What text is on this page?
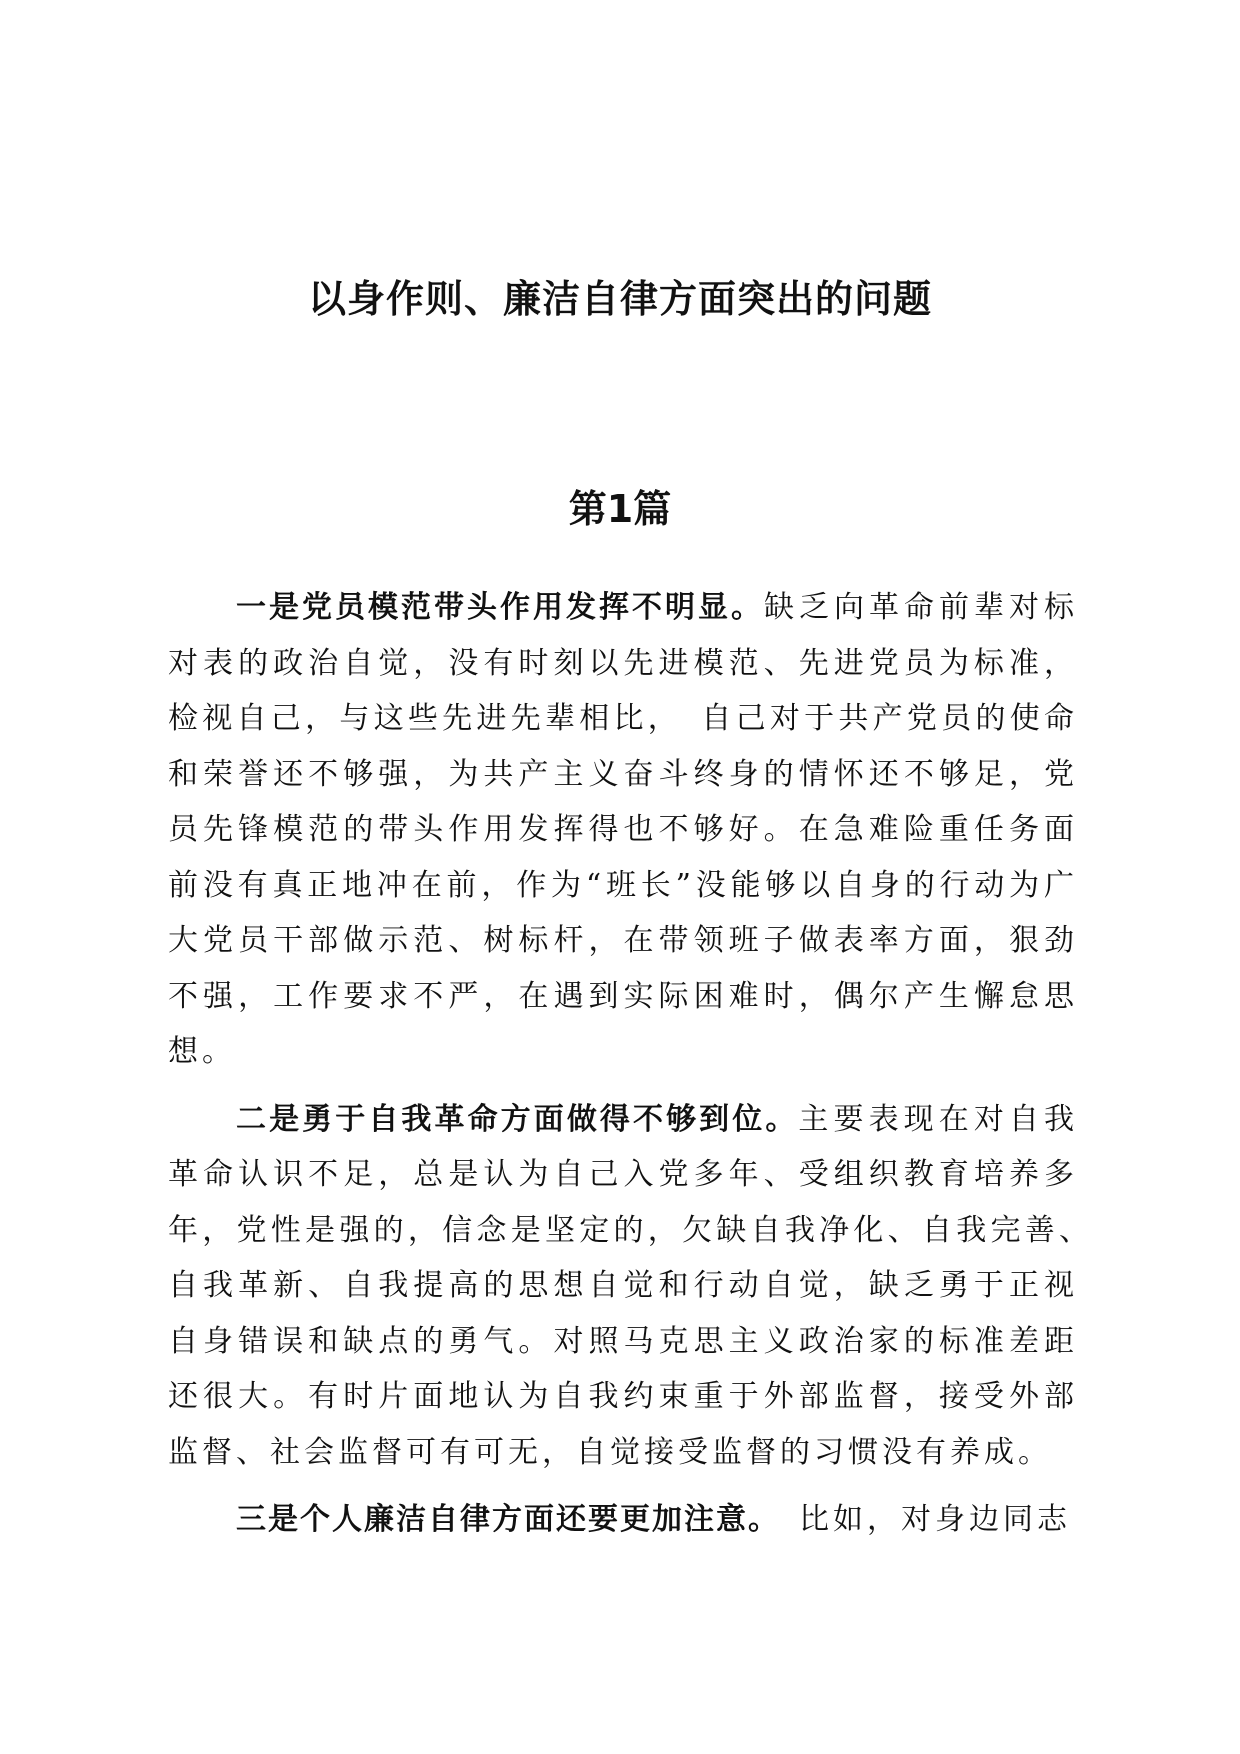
以身作则、廉洁自律方面突出的问题
第1篇

一是党员模范带头作用发挥不明显。缺乏向革命前辈对标对表的政治自觉，没有时刻以先进模范、先进党员为标准，检视自己，与这些先进先辈相比，　自己对于共产党员的使命和荣誉还不够强，为共产主义奋斗终身的情怀还不够足，党员先锋模范的带头作用发挥得也不够好。在急难险重任务面前没有真正地冲在前，作为“班长”没能够以自身的行动为广大党员干部做示范、树标杆，在带领班子做表率方面，狠劲不强，工作要求不严，在遇到实际困难时，偶尔产生懈怠思想。

二是勇于自我革命方面做得不够到位。主要表现在对自我革命认识不足，总是认为自己入党多年、受组织教育培养多年，党性是强的，信念是坚定的，欠缺自我净化、自我完善、　自我革新、自我提高的思想自觉和行动自觉，缺乏勇于正视自身错误和缺点的勇气。对照马克思主义政治家的标准差距还很大。有时片面地认为自我约束重于外部监督，接受外部监督、社会监督可有可无，自觉接受监督的习惯没有养成。

三是个人廉洁自律方面还要更加注意。　比如，对身边同志
